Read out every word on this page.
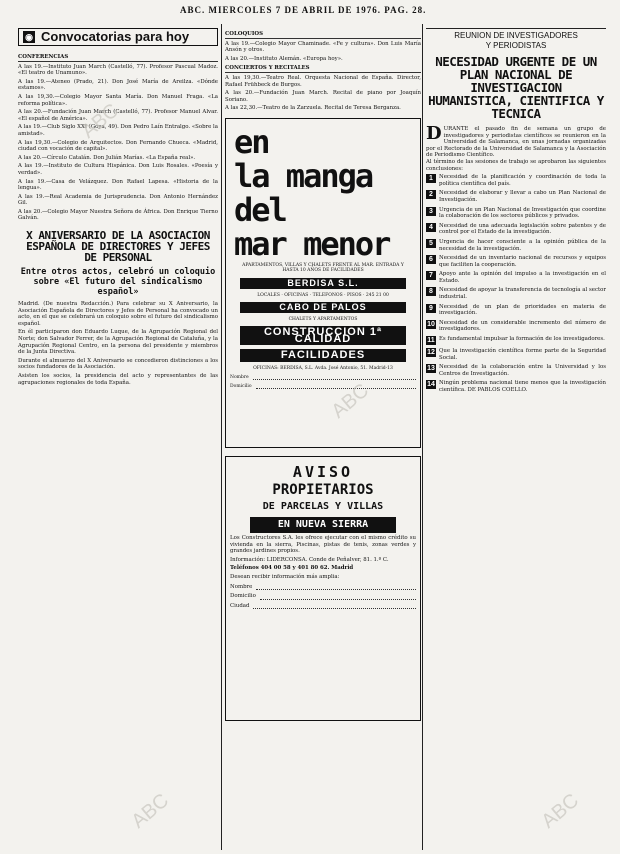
ABC. MIERCOLES 7 DE ABRIL DE 1976. PAG. 28.
◉ Convocatorias para hoy
CONFERENCIAS
A las 19.—Instituto Juan March (Castelló, 77). Profesor Pascual Madoz. «El teatro de Unamuno».
A las 19.—Ateneo (Prado, 21). Don José María de Areilza. «Dónde estamos».
A las 19,30.—Colegio Mayor Santa María. Don Manuel Fraga. «La reforma política».
A las 20.—Fundación Juan March (Castelló, 77). Profesor Manuel Alvar. «El español de América».
A las 19.—Club Siglo XXI (Goya, 49). Don Pedro Laín Entralgo. «Sobre la amistad».
A las 19,30.—Colegio de Arquitectos. Don Fernando Chueca. «Madrid, ciudad con vocación de capital».
A las 20.—Círculo Catalán. Don Julián Marías. «La España real».
A las 19.—Instituto de Cultura Hispánica. Don Luis Rosales. «Poesía y verdad».
A las 19.—Casa de Velázquez. Don Rafael Lapesa. «Historia de la lengua».
A las 19.—Real Academia de Jurisprudencia. Don Antonio Hernández Gil.
A las 20.—Colegio Mayor Nuestra Señora de África. Don Enrique Tierno Galván.
X ANIVERSARIO DE LA ASOCIACION ESPAÑOLA DE DIRECTORES Y JEFES DE PERSONAL
Entre otros actos, celebró un coloquio sobre «El futuro del sindicalismo español»

Madrid. (De nuestra Redacción.) Para celebrar su X Aniversario, la Asociación Española de Directores y Jefes de Personal ha convocado un acto, en el que se celebrará un coloquio sobre el futuro del sindicalismo español.

En él participaron don Eduardo Luque, de la Agrupación Regional del Norte; don Salvador Ferrer, de la Agrupación Regional de Cataluña, y la Agrupación Regional Centro, en la persona del presidente y miembros de la Junta Directiva.

Durante el almuerzo del X Aniversario se concedieron distinciones a los socios fundadores de la Asociación.

Asisten los socios, la presidencia del acto y representantes de las agrupaciones regionales de toda España.

COLOQUIOS
A las 19.—Colegio Mayor Chaminade. «Fe y cultura». Don Luis María Ansón y otros.
A las 20.—Instituto Alemán. «Europa hoy».
CONCIERTOS Y RECITALES
A las 19,30.—Teatro Real. Orquesta Nacional de España. Director, Rafael Frühbeck de Burgos.
A las 20.—Fundación Juan March. Recital de piano por Joaquín Soriano.
A las 22,30.—Teatro de la Zarzuela. Recital de Teresa Berganza.
en
la manga
del
mar menor
APARTAMENTOS, VILLAS Y CHALETS FRENTE AL MAR. ENTRADA Y HASTA 10 AÑOS DE FACILIDADES
BERDISA S.L.
LOCALES · OFICINAS · TELEFONOS · PISOS · 245 21 00
CABO DE PALOS
CHALETS Y APARTAMENTOS
CONSTRUCCION 1ª CALIDAD
FACILIDADES
OFICINAS: BERDISA, S.L. Avda. José Antonio, 51. Madrid-13
Nombre
Domicilio
AVISO
PROPIETARIOS
DE PARCELAS Y VILLAS
EN NUEVA SIERRA
Los Constructores S.A. les ofrece ejecutar con el mismo crédito su vivienda en la sierra, Piscinas, pistas de tenis, zonas verdes y grandes jardines propios.
Información: LIDERCONSA. Conde de Peñalver, 81. 1.º C.
Teléfonos 404 00 58 y 401 80 62. Madrid
Desean recibir información más amplia:
Nombre
Domicilio
Ciudad
REUNION DE INVESTIGADORES
Y PERIODISTAS
NECESIDAD URGENTE DE UN PLAN NACIONAL DE INVESTIGACION HUMANISTICA, CIENTIFICA Y TECNICA
D URANTE el pasado fin de semana un grupo de investigadores y periodistas científicos se reunieron en la Universidad de Salamanca, en unas jornadas organizadas por el Rectorado de la Universidad de Salamanca y la Asociación de Periodismo Científico.
Al término de las sesiones de trabajo se aprobaron las siguientes conclusiones:
1	Necesidad de la planificación y coordinación de toda la política científica del país.
2	Necesidad de elaborar y llevar a cabo un Plan Nacional de Investigación.
3	Urgencia de un Plan Nacional de Investigación que coordine la colaboración de los sectores públicos y privados.
4	Necesidad de una adecuada legislación sobre patentes y de control por el Estado de la investigación.
5	Urgencia de hacer consciente a la opinión pública de la necesidad de la investigación.
6	Necesidad de un inventario nacional de recursos y equipos que faciliten la cooperación.
7	Apoyo ante la opinión del impulso a la investigación en el Estado.
8	Necesidad de apoyar la transferencia de tecnología al sector industrial.
9	Necesidad de un plan de prioridades en materia de investigación.
10 Necesidad de un considerable incremento del número de investigadores.
11 Es fundamental impulsar la formación de los investigadores.
12 Que la investigación científica forme parte de la Seguridad Social.
13 Necesidad de la colaboración entre la Universidad y los Centros de Investigación.
14 Ningún problema nacional tiene menos que la investigación científica. DE PABLOS COELLO.
ABC
ABC
ABC	ABC
